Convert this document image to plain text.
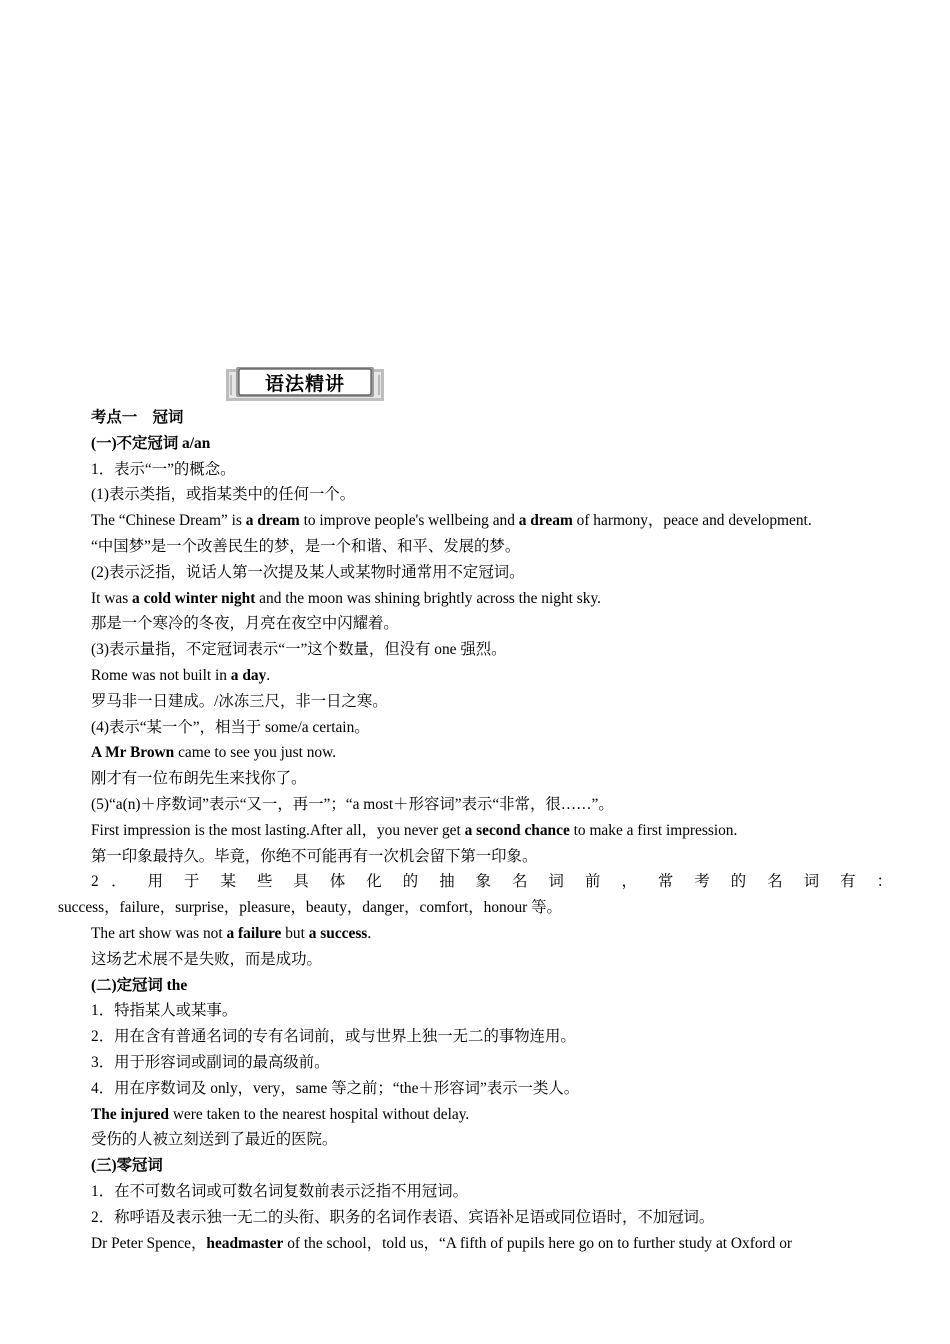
语法精讲
考点一　冠词
(一)不定冠词 a/an
1．表示“一”的概念。
(1)表示类指，或指某类中的任何一个。
The “Chinese Dream” is a dream to improve people's wellbeing and a dream of harmony，peace and development.
“中国梦”是一个改善民生的梦，是一个和谐、和平、发展的梦。
(2)表示泛指，说话人第一次提及某人或某物时通常用不定冠词。
It was a cold winter night and the moon was shining brightly across the night sky.
那是一个寒冷的冬夜，月亮在夜空中闪耀着。
(3)表示量指，不定冠词表示“一”这个数量，但没有 one 强烈。
Rome was not built in a day.
罗马非一日建成。/冰冻三尺，非一日之寒。
(4)表示“某一个”，相当于 some/a certain。
A Mr Brown came to see you just now.
刚才有一位布朗先生来找你了。
(5)“a(n)＋序数词”表示“又一，再一”；“a most＋形容词”表示“非常，很……”。
First impression is the most lasting.After all，you never get a second chance to make a first impression.
第一印象最持久。毕竟，你绝不可能再有一次机会留下第一印象。
2 ． 用 于 某 些 具 体 化 的 抽 象 名 词 前 ， 常 考 的 名 词 有 ：
success，failure，surprise，pleasure，beauty，danger，comfort，honour 等。
The art show was not a failure but a success.
这场艺术展不是失败，而是成功。
(二)定冠词 the
1．特指某人或某事。
2．用在含有普通名词的专有名词前，或与世界上独一无二的事物连用。
3．用于形容词或副词的最高级前。
4．用在序数词及 only，very，same 等之前；“the＋形容词”表示一类人。
The injured were taken to the nearest hospital without delay.
受伤的人被立刻送到了最近的医院。
(三)零冠词
1．在不可数名词或可数名词复数前表示泛指不用冠词。
2．称呼语及表示独一无二的头衔、职务的名词作表语、宾语补足语或同位语时，不加冠词。
Dr Peter Spence，headmaster of the school，told us，“A fifth of pupils here go on to further study at Oxford or
